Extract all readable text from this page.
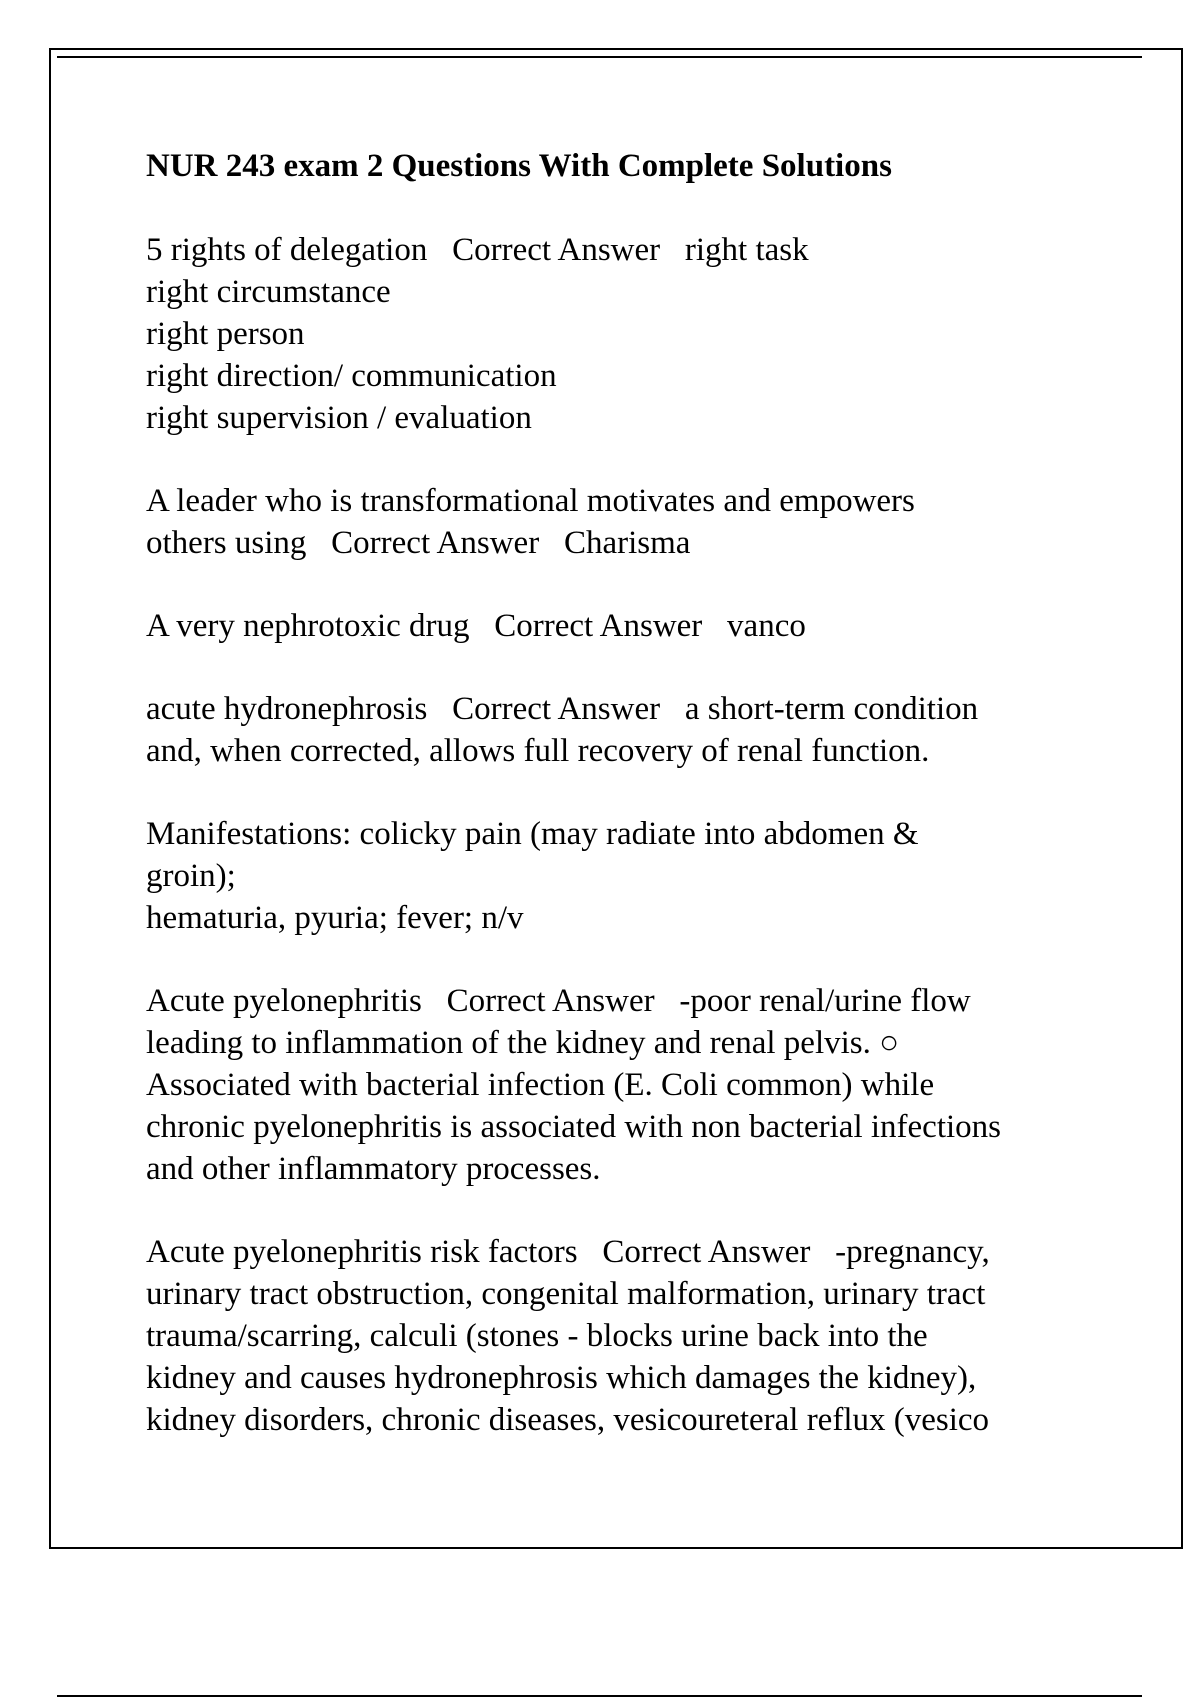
NUR 243 exam 2 Questions With Complete Solutions
5 rights of delegation   Correct Answer   right task
right circumstance
right person
right direction/ communication
right supervision / evaluation
A leader who is transformational motivates and empowers
others using   Correct Answer   Charisma
A very nephrotoxic drug   Correct Answer   vanco
acute hydronephrosis   Correct Answer   a short-term condition
and, when corrected, allows full recovery of renal function.
Manifestations: colicky pain (may radiate into abdomen &
groin);
hematuria, pyuria; fever; n/v
Acute pyelonephritis   Correct Answer   -poor renal/urine flow
leading to inflammation of the kidney and renal pelvis. ○
Associated with bacterial infection (E. Coli common) while
chronic pyelonephritis is associated with non bacterial infections
and other inflammatory processes.
Acute pyelonephritis risk factors   Correct Answer   -pregnancy,
urinary tract obstruction, congenital malformation, urinary tract
trauma/scarring, calculi (stones - blocks urine back into the
kidney and causes hydronephrosis which damages the kidney),
kidney disorders, chronic diseases, vesicoureteral reflux (vesico
